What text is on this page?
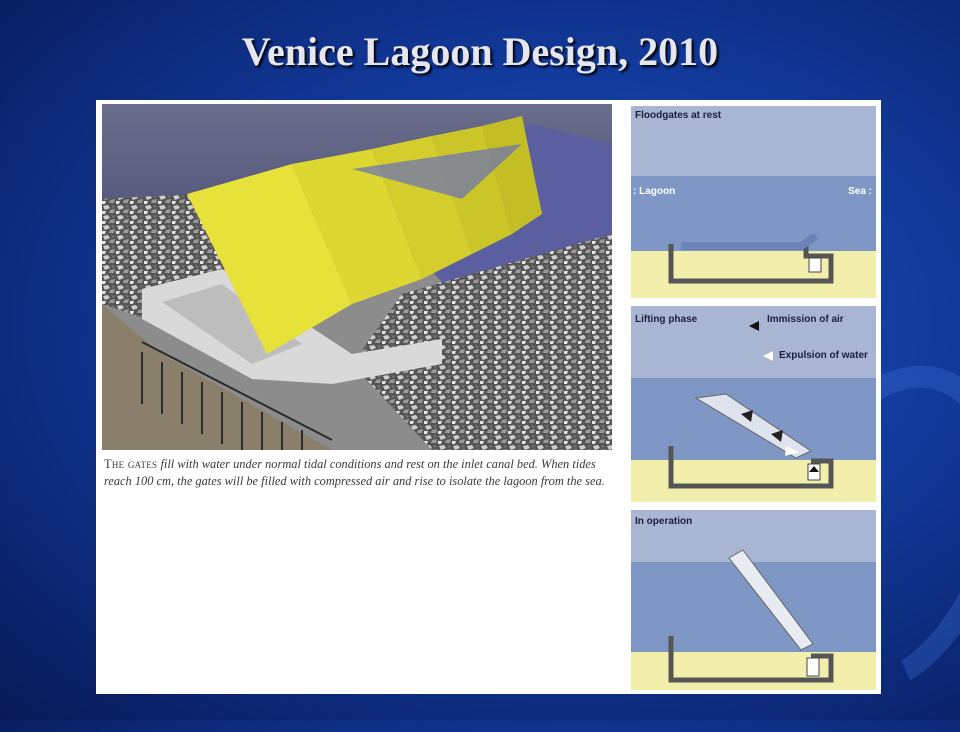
Venice Lagoon Design, 2010

The gates fill with water under normal tidal conditions and rest on the inlet canal bed. When tides reach 100 cm, the gates will be filled with compressed air and rise to isolate the lagoon from the sea.

Floodgates at rest
: Lagoon	Sea :
Lifting phase	Immission of air
Expulsion of water
In operation
